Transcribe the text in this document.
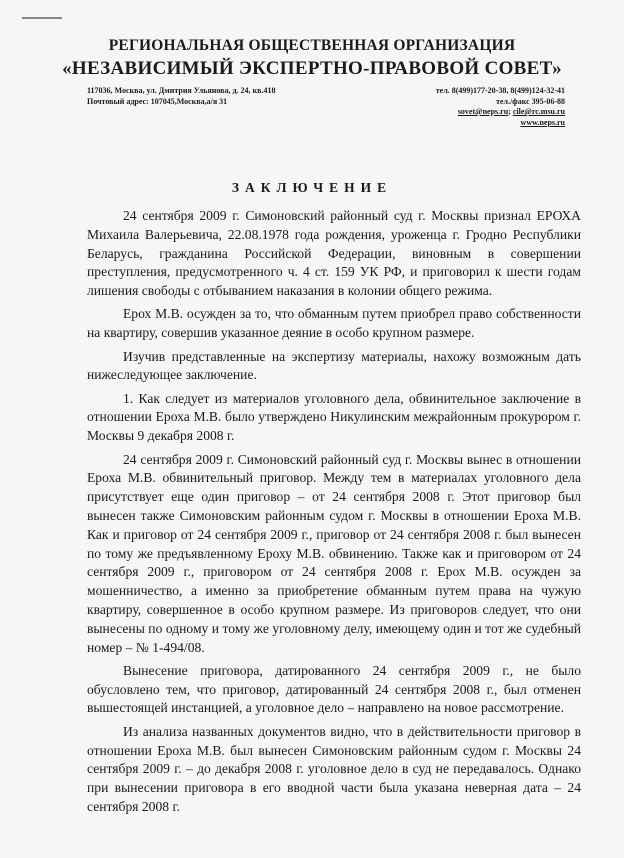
РЕГИОНАЛЬНАЯ ОБЩЕСТВЕННАЯ ОРГАНИЗАЦИЯ
«НЕЗАВИСИМЫЙ ЭКСПЕРТНО-ПРАВОВОЙ СОВЕТ»
117036, Москва, ул. Дмитрия Ульянова, д. 24, кв.418
Почтовый адрес: 107045,Москва,а/я 31
тел. 8(499)177-20-38, 8(499)124-32-41
тел./факс 395-06-88
sovet@neps.ru; cile@rc.msu.ru
www.neps.ru
ЗАКЛЮЧЕНИЕ

24 сентября 2009 г. Симоновский районный суд г. Москвы признал ЕРОХА Михаила Валерьевича, 22.08.1978 года рождения, уроженца г. Гродно Республики Беларусь, гражданина Российской Федерации, виновным в совершении преступления, предусмотренного ч. 4 ст. 159 УК РФ, и приговорил к шести годам лишения свободы с отбыванием наказания в колонии общего режима.

Ерох М.В. осужден за то, что обманным путем приобрел право собственности на квартиру, совершив указанное деяние в особо крупном размере.

Изучив представленные на экспертизу материалы, нахожу возможным дать нижеследующее заключение.

1. Как следует из материалов уголовного дела, обвинительное заключение в отношении Ероха М.В. было утверждено Никулинским межрайонным прокурором г. Москвы 9 декабря 2008 г.

24 сентября 2009 г. Симоновский районный суд г. Москвы вынес в отношении Ероха М.В. обвинительный приговор. Между тем в материалах уголовного дела присутствует еще один приговор – от 24 сентября 2008 г. Этот приговор был вынесен также Симоновским районным судом г. Москвы в отношении Ероха М.В. Как и приговор от 24 сентября 2009 г., приговор от 24 сентября 2008 г. был вынесен по тому же предъявленному Ероху М.В. обвинению. Также как и приговором от 24 сентября 2009 г., приговором от 24 сентября 2008 г. Ерох М.В. осужден за мошенничество, а именно за приобретение обманным путем права на чужую квартиру, совершенное в особо крупном размере. Из приговоров следует, что они вынесены по одному и тому же уголовному делу, имеющему один и тот же судебный номер – № 1-494/08.

Вынесение приговора, датированного 24 сентября 2009 г., не было обусловлено тем, что приговор, датированный 24 сентября 2008 г., был отменен вышестоящей инстанцией, а уголовное дело – направлено на новое рассмотрение.

Из анализа названных документов видно, что в действительности приговор в отношении Ероха М.В. был вынесен Симоновским районным судом г. Москвы 24 сентября 2009 г. – до декабря 2008 г. уголовное дело в суд не передавалось. Однако при вынесении приговора в его вводной части была указана неверная дата – 24 сентября 2008 г.
